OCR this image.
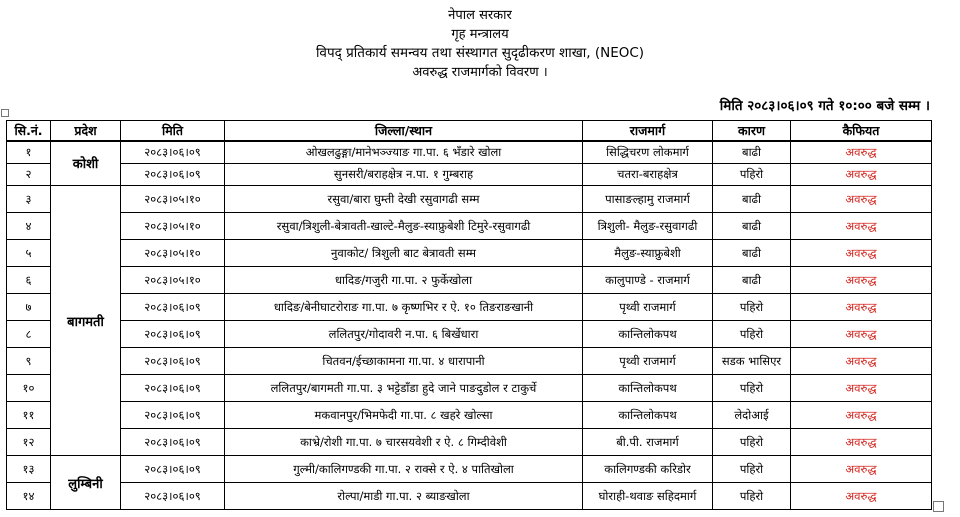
नेपाल सरकार
गृह मन्त्रालय
विपद् प्रतिकार्य समन्वय तथा संस्थागत सुदृढीकरण शाखा, (NEOC)
अवरुद्ध राजमार्गको विवरण ।
मिति २०८३।०६।०९ गते १०:०० बजे सम्म ।
सि.नं.	प्रदेश	मिति	जिल्ला/स्थान	राजमार्ग	कारण	कैफियत
१	कोशी	२०८३।०६।०९	ओखलढुङ्गा/मानेभञ्ज्याङ गा.पा. ६ भँडारे खोला	सिद्धिचरण लोकमार्ग	बाढी	अवरुद्ध
२		२०८३।०६।०९	सुनसरी/बराहक्षेत्र न.पा. १ गुम्बराह	चतरा-बराहक्षेत्र	पहिरो	अवरुद्ध
३	बागमती	२०८३।०५।१०	रसुवा/बारा घुम्ती देखी रसुवागढी सम्म	पासाङल्हामु राजमार्ग	बाढी	अवरुद्ध
४		२०८३।०५।१०	रसुवा/त्रिशुली-बेत्रावती-खाल्टे-मैलुङ-स्याफ्रुबेशी टिमुरे-रसुवागढी	त्रिशुली- मैलुङ-रसुवागढी	बाढी	अवरुद्ध
५		२०८३।०५।१०	नुवाकोट/ त्रिशुली बाट बेत्रावती सम्म	मैलुङ-स्याफ्रुबेशी	बाढी	अवरुद्ध
६		२०८३।०५।१०	धादिङ/गजुरी गा.पा. २ फुर्केखोला	कालुपाण्डे - राजमार्ग	बाढी	अवरुद्ध
७		२०८३।०६।०९	धादिङ/बेनीघाटरोराङ गा.पा. ७ कृष्णभिर र ऐ. १० तिङराङखानी	पृथ्वी राजमार्ग	पहिरो	अवरुद्ध
८		२०८३।०६।०९	ललितपुर/गोदावरी न.पा. ६ बिर्खेधारा	कान्तिलोकपथ	पहिरो	अवरुद्ध
९		२०८३।०६।०९	चितवन/ईच्छाकामना गा.पा. ४ धारापानी	पृथ्वी राजमार्ग	सडक भासिएर	अवरुद्ध
१०		२०८३।०६।०९	ललितपुर/बागमती गा.पा. ३ भट्टेडाँडा हुदे जाने पाङदुडोल र टाकुर्चे	कान्तिलोकपथ	पहिरो	अवरुद्ध
११		२०८३।०६।०९	मकवानपुर/भिमफेदी गा.पा. ८ खहरे खोल्सा	कान्तिलोकपथ	लेदोआई	अवरुद्ध
१२		२०८३।०६।०९	काभ्रे/रोशी गा.पा. ७ चारसयवेशी र ऐ. ८ गिम्दीवेशी	बी.पी. राजमार्ग	पहिरो	अवरुद्ध
१३	लुम्बिनी	२०८३।०६।०९	गुल्मी/कालिगण्डकी गा.पा. २ राक्से र ऐ. ४ पातिखोला	कालिगण्डकी करिडोर	पहिरो	अवरुद्ध
१४		२०८३।०६।०९	रोल्पा/माडी गा.पा. २ ब्याङखोला	घोराही-थवाङ सहिदमार्ग	पहिरो	अवरुद्ध
